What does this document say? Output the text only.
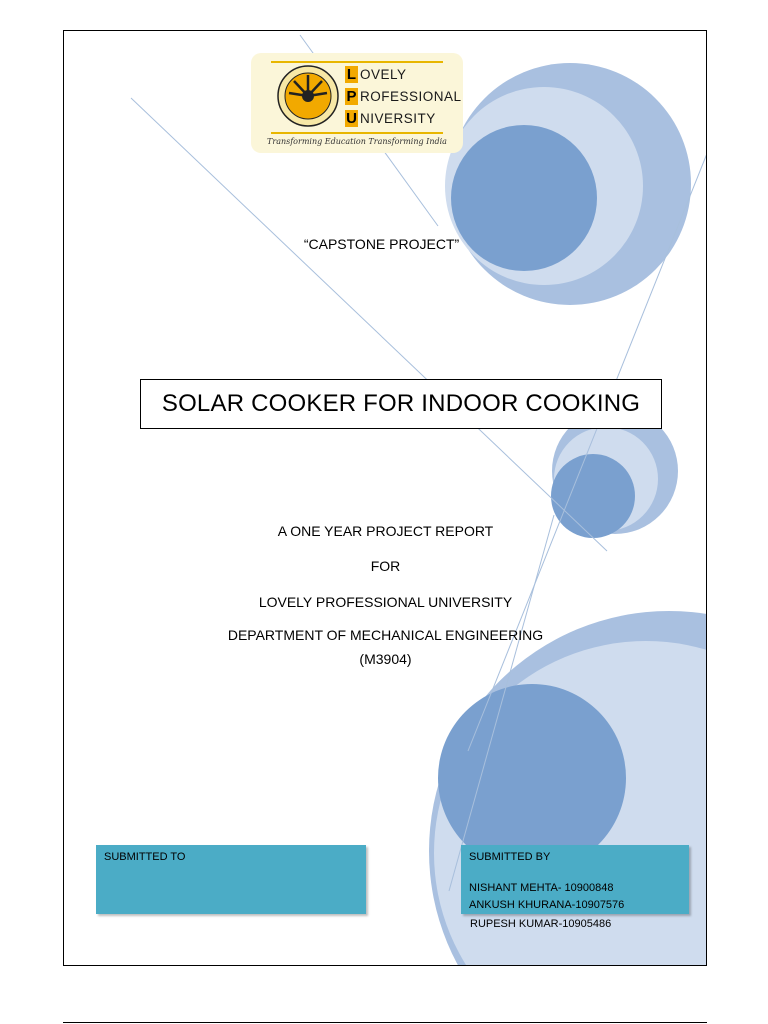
L OVELY
P ROFESSIONAL
U NIVERSITY
Transforming Education Transforming India
“CAPSTONE PROJECT”
SOLAR COOKER FOR INDOOR COOKING
A ONE YEAR PROJECT REPORT
FOR
LOVELY PROFESSIONAL UNIVERSITY
DEPARTMENT OF MECHANICAL ENGINEERING
(M3904)
SUBMITTED TO	SUBMITTED BY
NISHANT MEHTA- 10900848
ANKUSH KHURANA-10907576
RUPESH KUMAR-10905486
